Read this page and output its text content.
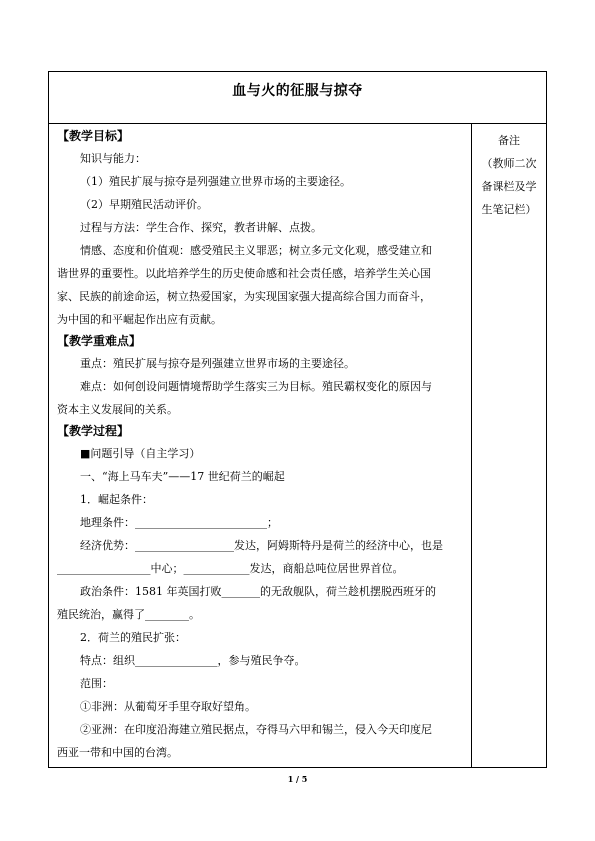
血与火的征服与掠夺
【教学目标】
知识与能力：
（1）殖民扩展与掠夺是列强建立世界市场的主要途径。
（2）早期殖民活动评价。
过程与方法：学生合作、探究，教者讲解、点拨。
情感、态度和价值观：感受殖民主义罪恶；树立多元文化观，感受建立和
谐世界的重要性。以此培养学生的历史使命感和社会责任感，培养学生关心国
家、民族的前途命运，树立热爱国家，为实现国家强大提高综合国力而奋斗，
为中国的和平崛起作出应有贡献。
【教学重难点】
重点：殖民扩展与掠夺是列强建立世界市场的主要途径。
难点：如何创设问题情境帮助学生落实三为目标。殖民霸权变化的原因与
资本主义发展间的关系。
【教学过程】
■问题引导（自主学习）
一、“海上马车夫”——17 世纪荷兰的崛起
1．崛起条件：
地理条件：________________________；
经济优势：__________________发达，阿姆斯特丹是荷兰的经济中心，也是
_________________中心；____________发达，商船总吨位居世界首位。
政治条件：1581 年英国打败_______的无敌舰队，荷兰趁机摆脱西班牙的
殖民统治，赢得了________。
2．荷兰的殖民扩张：
特点：组织_______________，参与殖民争夺。
范围：
①非洲：从葡萄牙手里夺取好望角。
②亚洲：在印度沿海建立殖民据点，夺得马六甲和锡兰，侵入今天印度尼
西亚一带和中国的台湾。
备注
（教师二次
备课栏及学
生笔记栏）
1 / 5
